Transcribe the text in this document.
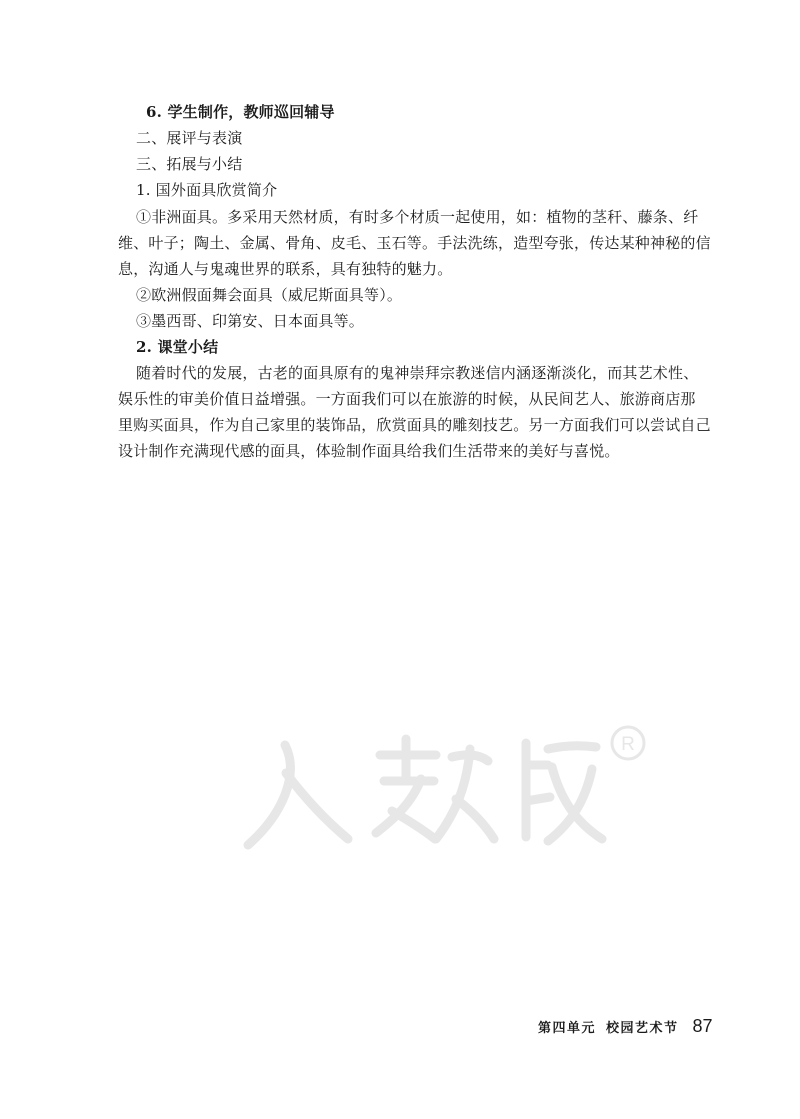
6. 学生制作，教师巡回辅导
二、展评与表演
三、拓展与小结
1. 国外面具欣赏简介
①非洲面具。多采用天然材质，有时多个材质一起使用，如：植物的茎秆、藤条、纤
维、叶子；陶土、金属、骨角、皮毛、玉石等。手法洗练，造型夸张，传达某种神秘的信
息，沟通人与鬼魂世界的联系，具有独特的魅力。
②欧洲假面舞会面具（威尼斯面具等）。
③墨西哥、印第安、日本面具等。
2. 课堂小结
随着时代的发展，古老的面具原有的鬼神崇拜宗教迷信内涵逐渐淡化，而其艺术性、
娱乐性的审美价值日益增强。一方面我们可以在旅游的时候，从民间艺人、旅游商店那
里购买面具，作为自己家里的装饰品，欣赏面具的雕刻技艺。另一方面我们可以尝试自己
设计制作充满现代感的面具，体验制作面具给我们生活带来的美好与喜悦。
R
第四单元 校园艺术节 87
